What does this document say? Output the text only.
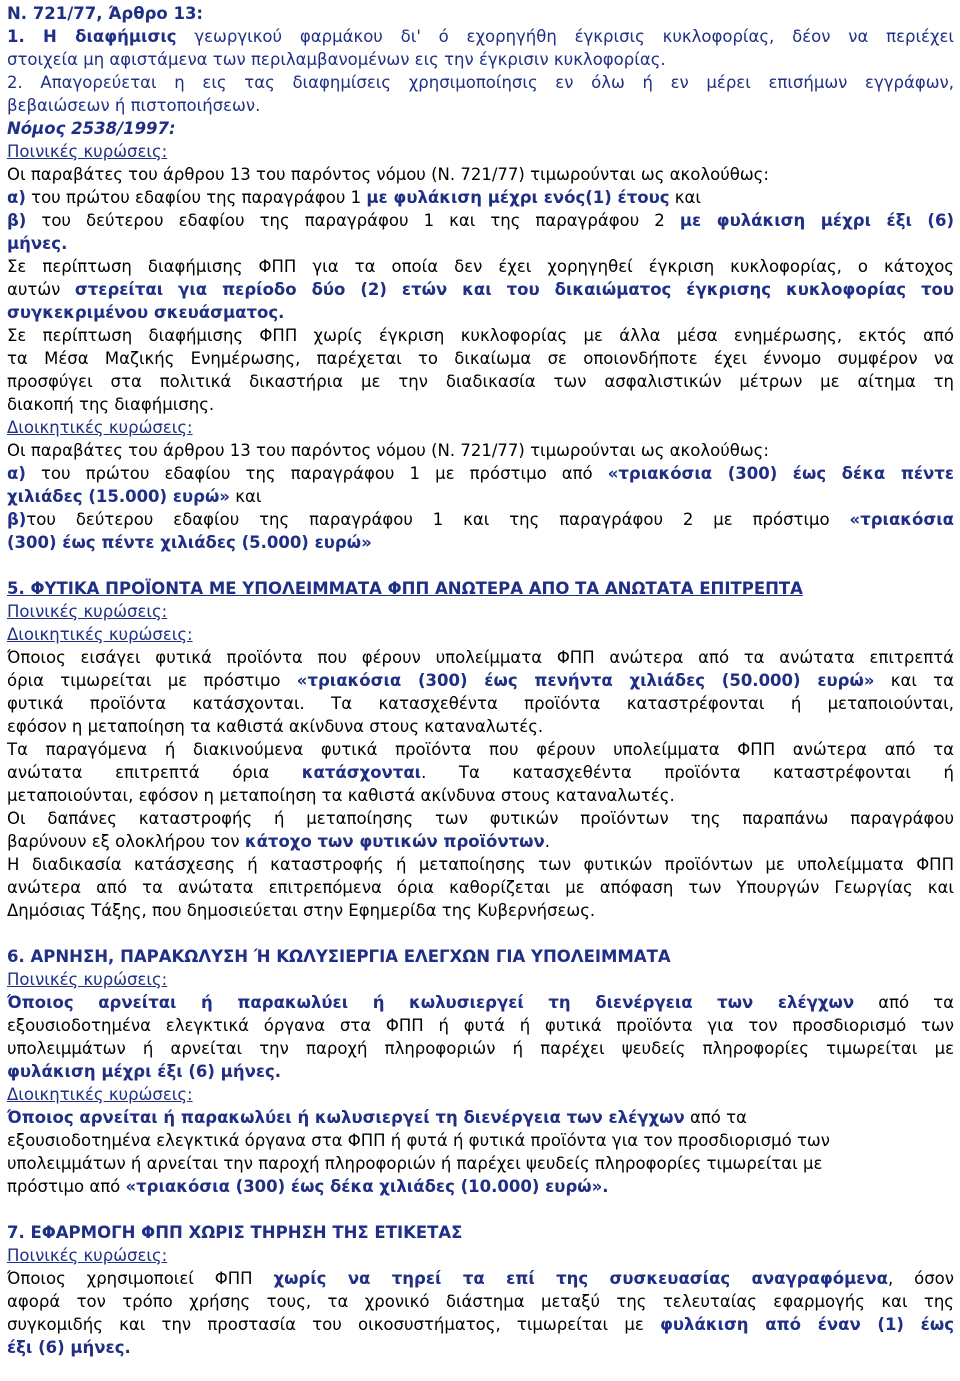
Ν. 721/77, Άρθρο 13:
1. Η διαφήμισις γεωργικού φαρμάκου δι' ό εχορηγήθη έγκρισις κυκλοφορίας, δέον να περιέχει
στοιχεία μη αφιστάμενα των περιλαμβανομένων εις την έγκρισιν κυκλοφορίας.
2. Απαγορεύεται η εις τας διαφημίσεις χρησιμοποίησις εν όλω ή εν μέρει επισήμων εγγράφων,
βεβαιώσεων ή πιστοποιήσεων.
Νόμος 2538/1997:
Ποινικές κυρώσεις:
Οι παραβάτες του άρθρου 13 του παρόντος νόμου (Ν. 721/77) τιμωρούνται ως ακολούθως:
α) του πρώτου εδαφίου της παραγράφου 1 με φυλάκιση μέχρι ενός(1) έτους και
β) του δεύτερου εδαφίου της παραγράφου 1 και της παραγράφου 2 με φυλάκιση μέχρι έξι (6)
μήνες.
Σε περίπτωση διαφήμισης ΦΠΠ για τα οποία δεν έχει χορηγηθεί έγκριση κυκλοφορίας, ο κάτοχος
αυτών στερείται για περίοδο δύο (2) ετών και του δικαιώματος έγκρισης κυκλοφορίας του
συγκεκριμένου σκευάσματος.
Σε περίπτωση διαφήμισης ΦΠΠ χωρίς έγκριση κυκλοφορίας με άλλα μέσα ενημέρωσης, εκτός από
τα Μέσα Μαζικής Ενημέρωσης, παρέχεται το δικαίωμα σε οποιονδήποτε έχει έννομο συμφέρον να
προσφύγει στα πολιτικά δικαστήρια με την διαδικασία των ασφαλιστικών μέτρων με αίτημα τη
διακοπή της διαφήμισης.
Διοικητικές κυρώσεις:
Οι παραβάτες του άρθρου 13 του παρόντος νόμου (Ν. 721/77) τιμωρούνται ως ακολούθως:
α) του πρώτου εδαφίου της παραγράφου 1 με πρόστιμο από «τριακόσια (300) έως δέκα πέντε
χιλιάδες (15.000) ευρώ» και
β)του δεύτερου εδαφίου της παραγράφου 1 και της παραγράφου 2 με πρόστιμο «τριακόσια
(300) έως πέντε χιλιάδες (5.000) ευρώ»
5. ΦΥΤΙΚΑ ΠΡΟΪΟΝΤΑ ΜΕ ΥΠΟΛΕΙΜΜΑΤΑ ΦΠΠ ΑΝΩΤΕΡΑ ΑΠΟ ΤΑ ΑΝΩΤΑΤΑ ΕΠΙΤΡΕΠΤΑ
Ποινικές κυρώσεις:
Διοικητικές κυρώσεις:
Όποιος εισάγει φυτικά προϊόντα που φέρουν υπολείμματα ΦΠΠ ανώτερα από τα ανώτατα επιτρεπτά
όρια τιμωρείται με πρόστιμο «τριακόσια (300) έως πενήντα χιλιάδες (50.000) ευρώ» και τα
φυτικά προϊόντα κατάσχονται. Τα κατασχεθέντα προϊόντα καταστρέφονται ή μεταποιούνται,
εφόσον η μεταποίηση τα καθιστά ακίνδυνα στους καταναλωτές.
Τα παραγόμενα ή διακινούμενα φυτικά προϊόντα που φέρουν υπολείμματα ΦΠΠ ανώτερα από τα
ανώτατα επιτρεπτά όρια κατάσχονται. Τα κατασχεθέντα προϊόντα καταστρέφονται ή
μεταποιούνται, εφόσον η μεταποίηση τα καθιστά ακίνδυνα στους καταναλωτές.
Οι δαπάνες καταστροφής ή μεταποίησης των φυτικών προϊόντων της παραπάνω παραγράφου
βαρύνουν εξ ολοκλήρου τον κάτοχο των φυτικών προϊόντων.
Η διαδικασία κατάσχεσης ή καταστροφής ή μεταποίησης των φυτικών προϊόντων με υπολείμματα ΦΠΠ
ανώτερα από τα ανώτατα επιτρεπόμενα όρια καθορίζεται με απόφαση των Υπουργών Γεωργίας και
Δημόσιας Τάξης, που δημοσιεύεται στην Εφημερίδα της Κυβερνήσεως.
6. ΑΡΝΗΣΗ, ΠΑΡΑΚΩΛΥΣΗ Ή ΚΩΛΥΣΙΕΡΓΙΑ ΕΛΕΓΧΩΝ ΓΙΑ ΥΠΟΛΕΙΜΜΑΤΑ
Ποινικές κυρώσεις:
Όποιος αρνείται ή παρακωλύει ή κωλυσιεργεί τη διενέργεια των ελέγχων από τα
εξουσιοδοτημένα ελεγκτικά όργανα στα ΦΠΠ ή φυτά ή φυτικά προϊόντα για τον προσδιορισμό των
υπολειμμάτων ή αρνείται την παροχή πληροφοριών ή παρέχει ψευδείς πληροφορίες τιμωρείται με
φυλάκιση μέχρι έξι (6) μήνες.
Διοικητικές κυρώσεις:
Όποιος αρνείται ή παρακωλύει ή κωλυσιεργεί τη διενέργεια των ελέγχων από τα
εξουσιοδοτημένα ελεγκτικά όργανα στα ΦΠΠ ή φυτά ή φυτικά προϊόντα για τον προσδιορισμό των
υπολειμμάτων ή αρνείται την παροχή πληροφοριών ή παρέχει ψευδείς πληροφορίες τιμωρείται με
πρόστιμο από «τριακόσια (300) έως δέκα χιλιάδες (10.000) ευρώ».
7. ΕΦΑΡΜΟΓΗ ΦΠΠ ΧΩΡΙΣ ΤΗΡΗΣΗ ΤΗΣ ΕΤΙΚΕΤΑΣ
Ποινικές κυρώσεις:
Όποιος χρησιμοποιεί ΦΠΠ χωρίς να τηρεί τα επί της συσκευασίας αναγραφόμενα, όσον
αφορά τον τρόπο χρήσης τους, τα χρονικό διάστημα μεταξύ της τελευταίας εφαρμογής και της
συγκομιδής και την προστασία του οικοσυστήματος, τιμωρείται με φυλάκιση από έναν (1) έως
έξι (6) μήνες.
